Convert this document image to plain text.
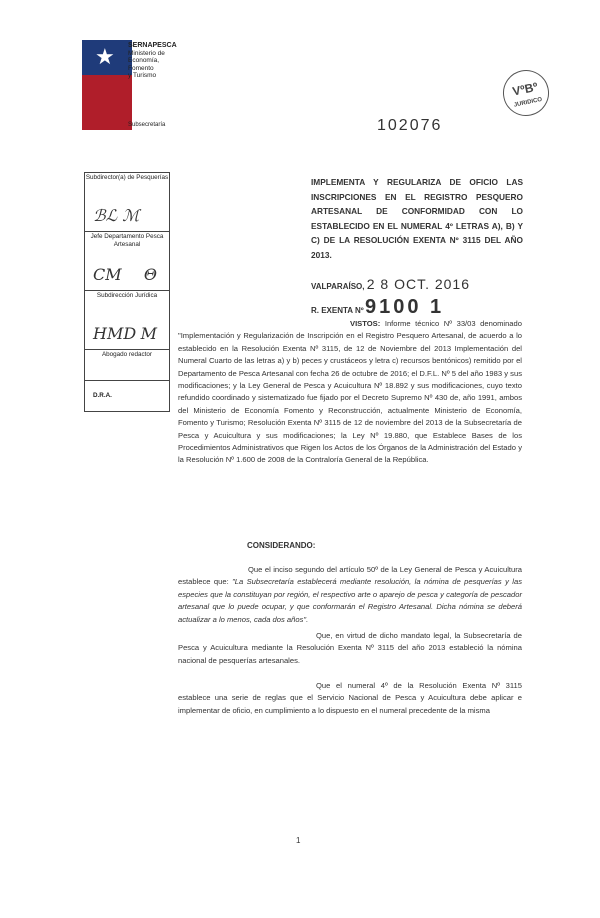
★ SERNAPESCA
Ministerio de
Economía, Fomento
y Turismo
Subsecretaría
VºBº
JURIDICO
102076
Subdirector(a) de Pesquerías
ℬℒ ℳ
Jefe Departamento Pesca Artesanal
CM Θ
Subdirección Jurídica
HMD M
Abogado redactor
D.R.A.
IMPLEMENTA Y REGULARIZA DE OFICIO LAS INSCRIPCIONES EN EL REGISTRO PESQUERO ARTESANAL DE CONFORMIDAD CON LO ESTABLECIDO EN EL NUMERAL 4º LETRAS A), B) Y C) DE LA RESOLUCIÓN EXENTA Nº 3115 DEL AÑO 2013.
VALPARAÍSO, 2 8 OCT. 2016
9100 1
R. EXENTA Nº
VISTOS: Informe técnico Nº 33/03 denominado "Implementación y Regularización de Inscripción en el Registro Pesquero Artesanal, de acuerdo a lo establecido en la Resolución Exenta Nº 3115, de 12 de Noviembre del 2013 Implementación del Numeral Cuarto de las letras a) y b) peces y crustáceos y letra c) recursos bentónicos) remitido por el Departamento de Pesca Artesanal con fecha 26 de octubre de 2016; el D.F.L. Nº 5 del año 1983 y sus modificaciones; y la Ley General de Pesca y Acuicultura Nº 18.892 y sus modificaciones, cuyo texto refundido coordinado y sistematizado fue fijado por el Decreto Supremo Nº 430 de, año 1991, ambos del Ministerio de Economía Fomento y Reconstrucción, actualmente Ministerio de Economía, Fomento y Turismo; Resolución Exenta Nº 3115 de 12 de noviembre del 2013 de la Subsecretaría de Pesca y Acuicultura y sus modificaciones; la Ley Nº 19.880, que Establece Bases de los Procedimientos Administrativos que Rigen los Actos de los Órganos de la Administración del Estado y la Resolución Nº 1.600 de 2008 de la Contraloría General de la República.
CONSIDERANDO:
Que el inciso segundo del artículo 50º de la Ley General de Pesca y Acuicultura establece que: "La Subsecretaría establecerá mediante resolución, la nómina de pesquerías y las especies que la constituyan por región, el respectivo arte o aparejo de pesca y categoría de pescador artesanal que lo puede ocupar, y que conformarán el Registro Artesanal. Dicha nómina se deberá actualizar a lo menos, cada dos años".
Que, en virtud de dicho mandato legal, la Subsecretaría de Pesca y Acuicultura mediante la Resolución Exenta Nº 3115 del año 2013 estableció la nómina nacional de pesquerías artesanales.
Que el numeral 4º de la Resolución Exenta Nº 3115 establece una serie de reglas que el Servicio Nacional de Pesca y Acuicultura debe aplicar e implementar de oficio, en cumplimiento a lo dispuesto en el numeral precedente de la misma
1
